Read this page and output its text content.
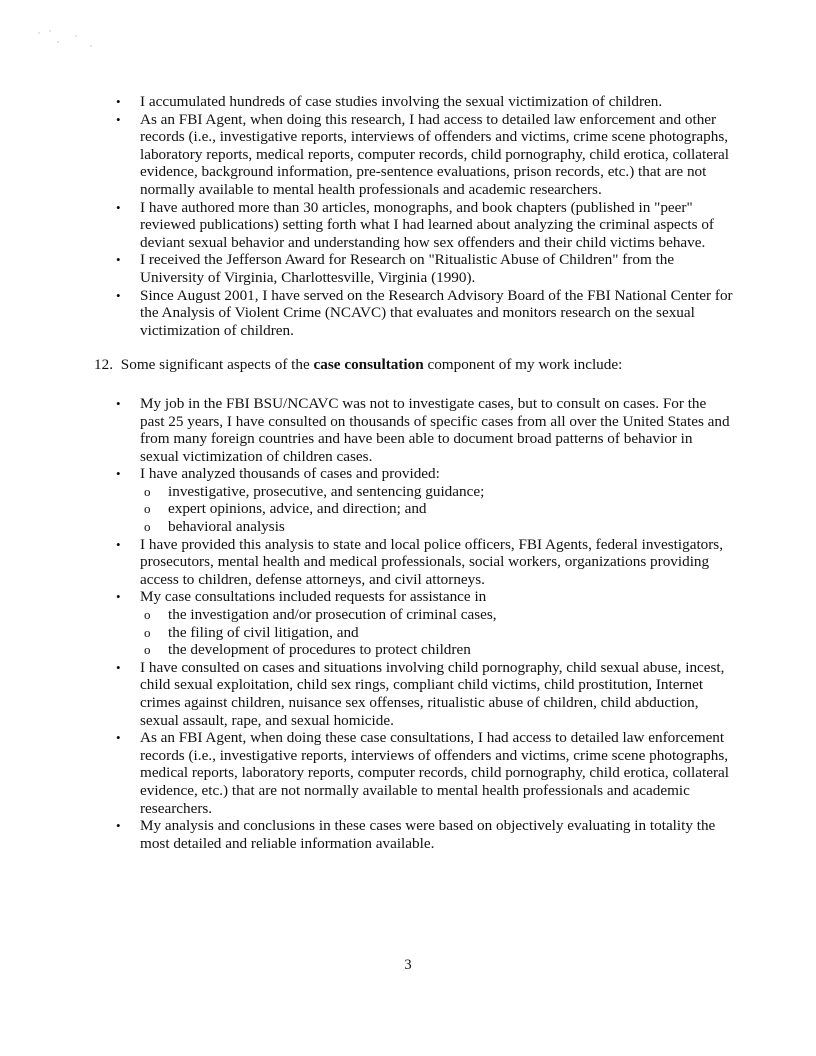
• I accumulated hundreds of case studies involving the sexual victimization of children.
• As an FBI Agent, when doing this research, I had access to detailed law enforcement and other records (i.e., investigative reports, interviews of offenders and victims, crime scene photographs, laboratory reports, medical reports, computer records, child pornography, child erotica, collateral evidence, background information, pre-sentence evaluations, prison records, etc.) that are not normally available to mental health professionals and academic researchers.
• I have authored more than 30 articles, monographs, and book chapters (published in "peer" reviewed publications) setting forth what I had learned about analyzing the criminal aspects of deviant sexual behavior and understanding how sex offenders and their child victims behave.
• I received the Jefferson Award for Research on "Ritualistic Abuse of Children" from the University of Virginia, Charlottesville, Virginia (1990).
• Since August 2001, I have served on the Research Advisory Board of the FBI National Center for the Analysis of Violent Crime (NCAVC) that evaluates and monitors research on the sexual victimization of children.

12. Some significant aspects of the case consultation component of my work include:

• My job in the FBI BSU/NCAVC was not to investigate cases, but to consult on cases. For the past 25 years, I have consulted on thousands of specific cases from all over the United States and from many foreign countries and have been able to document broad patterns of behavior in sexual victimization of children cases.
• I have analyzed thousands of cases and provided:
o investigative, prosecutive, and sentencing guidance;
o expert opinions, advice, and direction; and
o behavioral analysis
• I have provided this analysis to state and local police officers, FBI Agents, federal investigators, prosecutors, mental health and medical professionals, social workers, organizations providing access to children, defense attorneys, and civil attorneys.
• My case consultations included requests for assistance in
o the investigation and/or prosecution of criminal cases,
o the filing of civil litigation, and
o the development of procedures to protect children
• I have consulted on cases and situations involving child pornography, child sexual abuse, incest, child sexual exploitation, child sex rings, compliant child victims, child prostitution, Internet crimes against children, nuisance sex offenses, ritualistic abuse of children, child abduction, sexual assault, rape, and sexual homicide.
• As an FBI Agent, when doing these case consultations, I had access to detailed law enforcement records (i.e., investigative reports, interviews of offenders and victims, crime scene photographs, medical reports, laboratory reports, computer records, child pornography, child erotica, collateral evidence, etc.) that are not normally available to mental health professionals and academic researchers.
• My analysis and conclusions in these cases were based on objectively evaluating in totality the most detailed and reliable information available.
3
